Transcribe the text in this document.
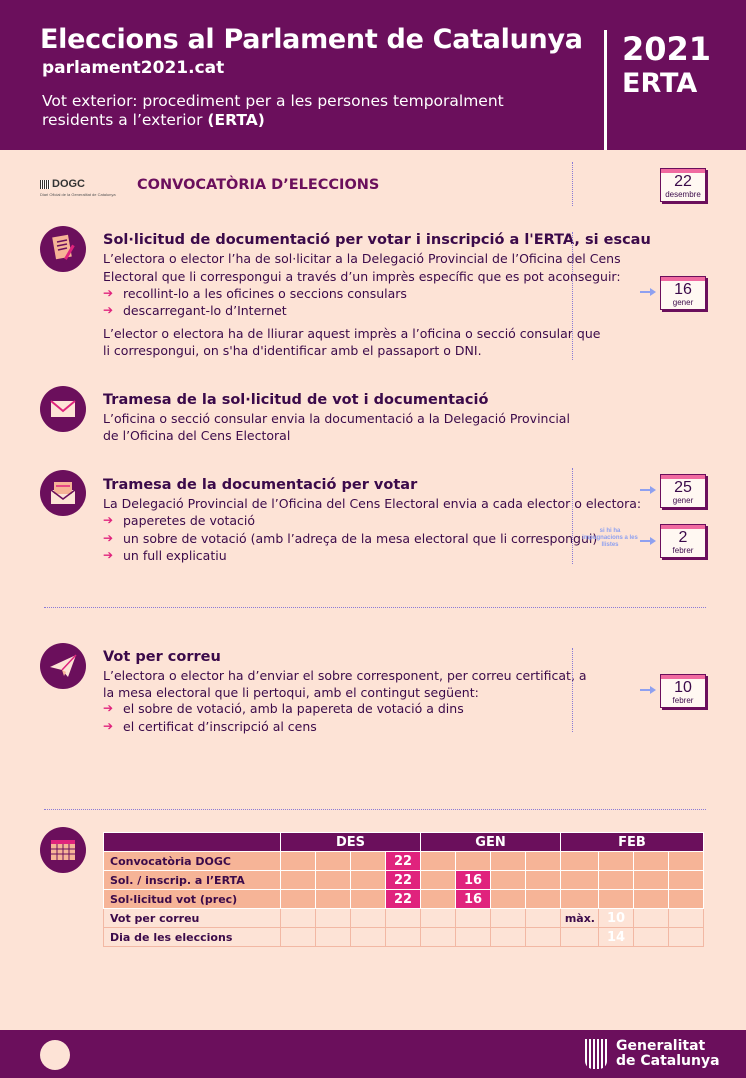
Eleccions al Parlament de Catalunya
parlament2021.cat
Vot exterior: procediment per a les persones temporalment residents a l’exterior (ERTA)
2021
ERTA
DOGC
Diari Oficial de la Generalitat de Catalunya
CONVOCATÒRIA D’ELECCIONS	22
desembre
Sol·licitud de documentació per votar i inscripció a l'ERTA, si escau
L’electora o elector l’ha de sol·licitar a la Delegació Provincial de l’Oficina del Cens
Electoral que li correspongui a través d’un imprès específic que es pot aconseguir:
➔ recollint-lo a les oficines o seccions consulars
➔ descarregant-lo d’Internet
L’elector o electora ha de lliurar aquest imprès a l’oficina o secció consular que
li correspongui, on s'ha d'identificar amb el passaport o DNI.
16
gener
Tramesa de la sol·licitud de vot i documentació
L’oficina o secció consular envia la documentació a la Delegació Provincial
de l’Oficina del Cens Electoral
Tramesa de la documentació per votar
La Delegació Provincial de l’Oficina del Cens Electoral envia a cada elector o electora:
➔ paperetes de votació
➔ un sobre de votació (amb l’adreça de la mesa electoral que li correspongui)
➔ un full explicatiu
25
gener
si hi ha impugnacions a les llistes	2
febrer
Vot per correu
L’electora o elector ha d’enviar el sobre corresponent, per correu certificat, a
la mesa electoral que li pertoqui, amb el contingut següent:
➔ el sobre de votació, amb la papereta de votació a dins
➔ el certificat d’inscripció al cens
10
febrer
	DES				GEN				FEB			
Convocatòria DOGC				22								
Sol. / inscrip. a l’ERTA				22		16						
Sol·licitud vot (prec)				22		16						
Vot per correu									màx.	10		
Dia de les eleccions										14		
Generalitat
de Catalunya
